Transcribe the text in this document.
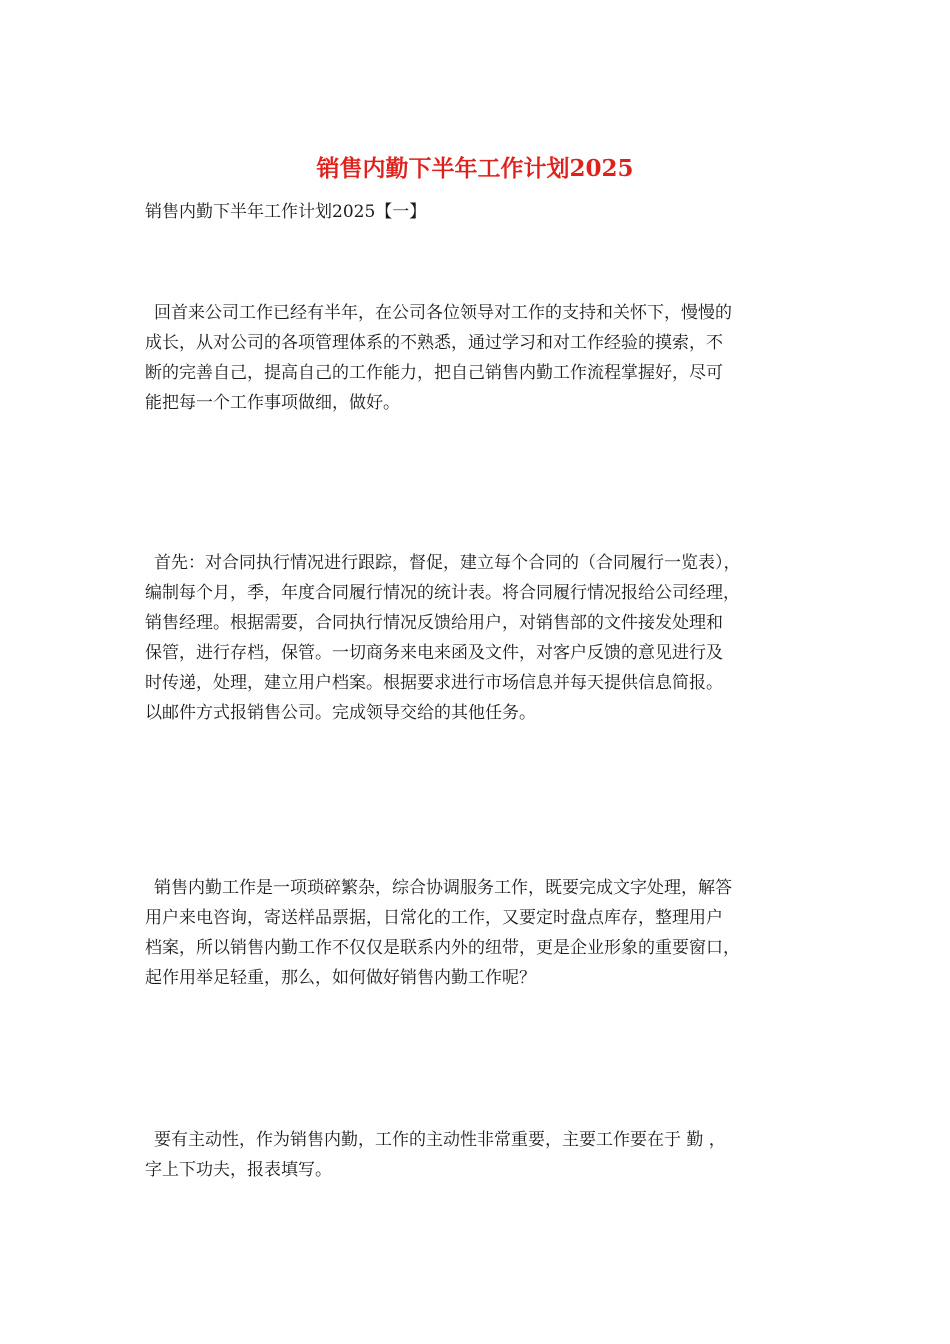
销售内勤下半年工作计划2025

销售内勤下半年工作计划2025【一】

回首来公司工作已经有半年，在公司各位领导对工作的支持和关怀下，慢慢的
成长，从对公司的各项管理体系的不熟悉，通过学习和对工作经验的摸索，不
断的完善自己，提高自己的工作能力，把自己销售内勤工作流程掌握好，尽可
能把每一个工作事项做细，做好。
首先：对合同执行情况进行跟踪，督促，建立每个合同的（合同履行一览表），
编制每个月，季，年度合同履行情况的统计表。将合同履行情况报给公司经理，
销售经理。根据需要，合同执行情况反馈给用户，对销售部的文件接发处理和
保管，进行存档，保管。一切商务来电来函及文件，对客户反馈的意见进行及
时传递，处理，建立用户档案。根据要求进行市场信息并每天提供信息简报。
以邮件方式报销售公司。完成领导交给的其他任务。
销售内勤工作是一项琐碎繁杂，综合协调服务工作，既要完成文字处理，解答
用户来电咨询，寄送样品票据，日常化的工作，又要定时盘点库存，整理用户
档案，所以销售内勤工作不仅仅是联系内外的纽带，更是企业形象的重要窗口，
起作用举足轻重，那么，如何做好销售内勤工作呢？
要有主动性，作为销售内勤，工作的主动性非常重要，主要工作要在于 勤 ，
字上下功夫，报表填写。
